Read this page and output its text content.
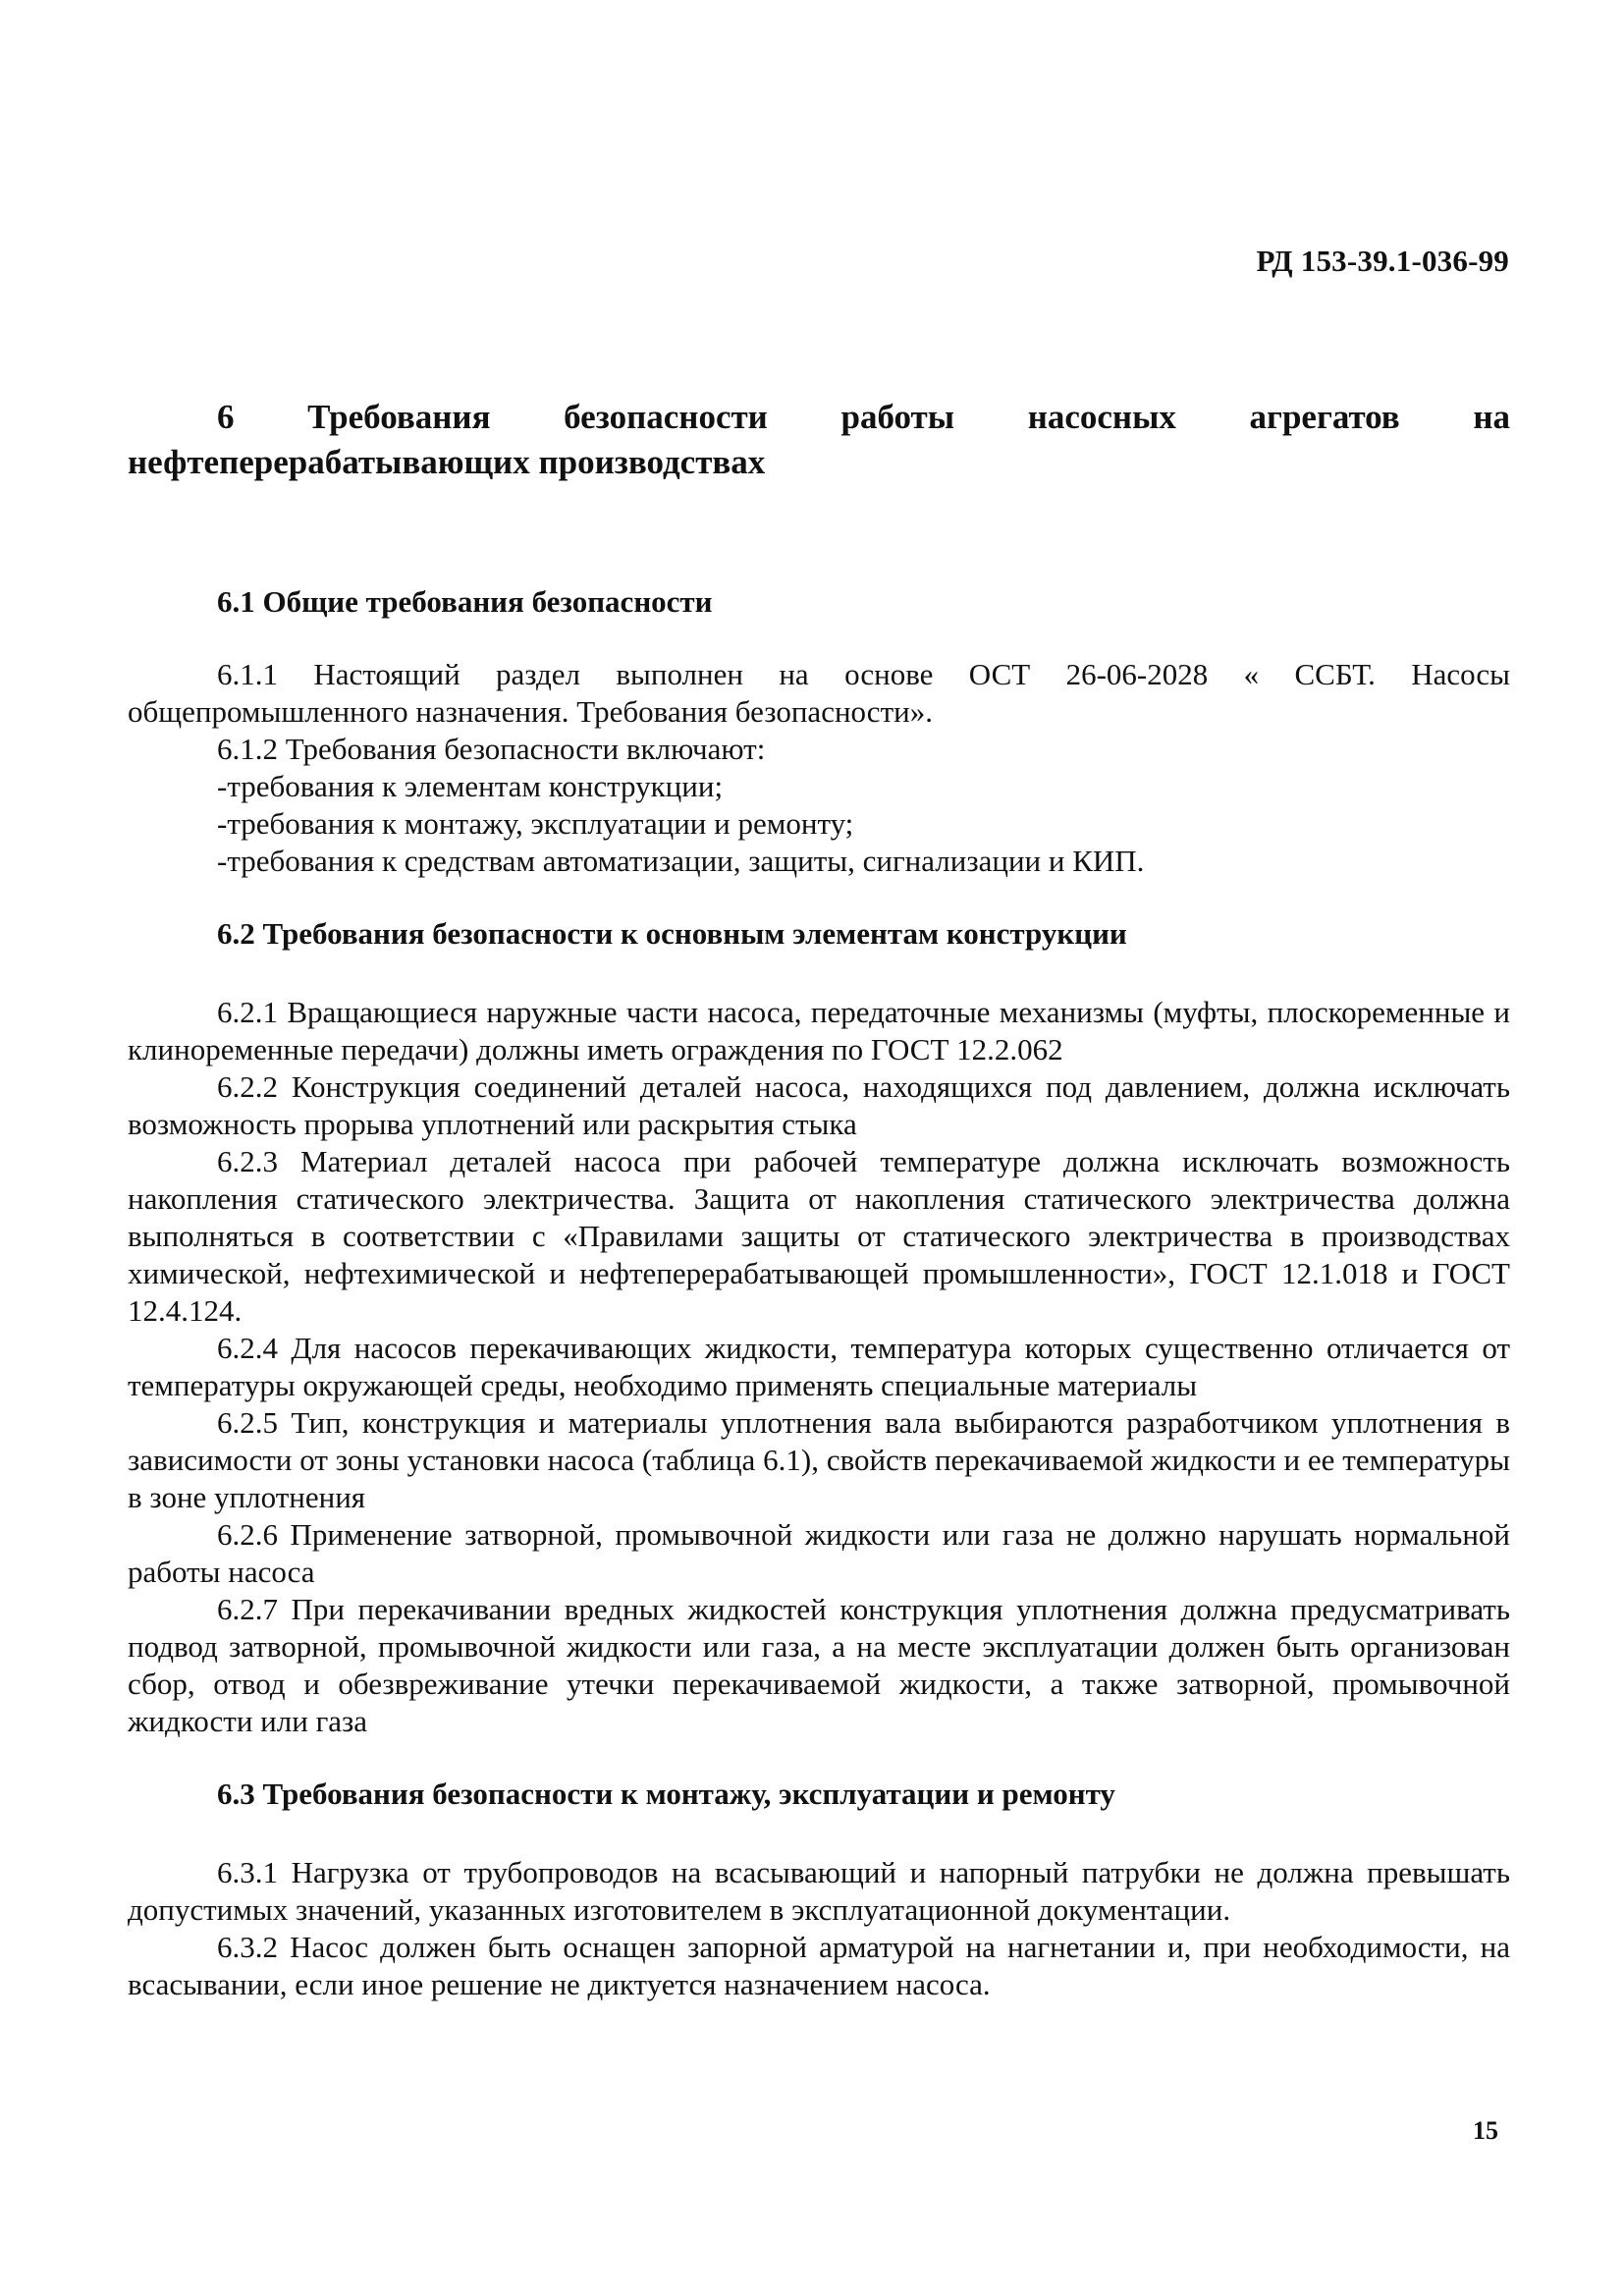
РД 153-39.1-036-99
6 Требования безопасности работы насосных агрегатов на нефтеперерабатывающих производствах
6.1 Общие требования безопасности

6.1.1 Настоящий раздел выполнен на основе ОСТ 26-06-2028 « ССБТ. Насосы общепромышленного назначения. Требования безопасности».

6.1.2 Требования безопасности включают:

-требования к элементам конструкции;

-требования к монтажу, эксплуатации и ремонту;

-требования к средствам автоматизации, защиты, сигнализации и КИП.

6.2 Требования безопасности к основным элементам конструкции

6.2.1 Вращающиеся наружные части насоса, передаточные механизмы (муфты, плоскоременные и клиноременные передачи) должны иметь ограждения по ГОСТ 12.2.062

6.2.2 Конструкция соединений деталей насоса, находящихся под давлением, должна исключать возможность прорыва уплотнений или раскрытия стыка

6.2.3 Материал деталей насоса при рабочей температуре должна исключать возможность накопления статического электричества. Защита от накопления статического электричества должна выполняться в соответствии с «Правилами защиты от статического электричества в производствах химической, нефтехимической и нефтеперерабатывающей промышленности», ГОСТ 12.1.018 и ГОСТ 12.4.124.

6.2.4 Для насосов перекачивающих жидкости, температура которых существенно отличается от температуры окружающей среды, необходимо применять специальные материалы

6.2.5 Тип, конструкция и материалы уплотнения вала выбираются разработчиком уплотнения в зависимости от зоны установки насоса (таблица 6.1), свойств перекачиваемой жидкости и ее температуры в зоне уплотнения

6.2.6 Применение затворной, промывочной жидкости или газа не должно нарушать нормальной работы насоса

6.2.7 При перекачивании вредных жидкостей конструкция уплотнения должна предусматривать подвод затворной, промывочной жидкости или газа, а на месте эксплуатации должен быть организован сбор, отвод и обезвреживание утечки перекачиваемой жидкости, а также затворной, промывочной жидкости или газа

6.3 Требования безопасности к монтажу, эксплуатации и ремонту

6.3.1 Нагрузка от трубопроводов на всасывающий и напорный патрубки не должна превышать допустимых значений, указанных изготовителем в эксплуатационной документации.

6.3.2 Насос должен быть оснащен запорной арматурой на нагнетании и, при необходимости, на всасывании, если иное решение не диктуется назначением насоса.

15
